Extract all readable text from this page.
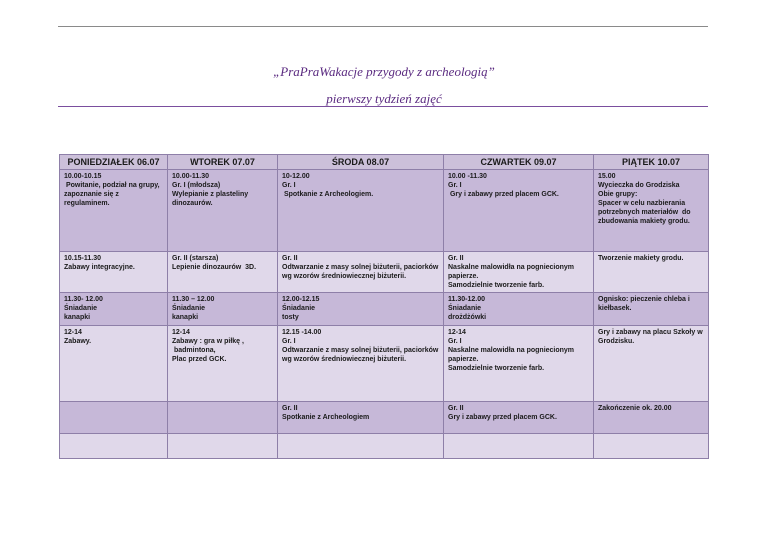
„PraPraWakacje przygody z archeologią”
pierwszy tydzień zajęć
PONIEDZIAŁEK 06.07	WTOREK 07.07	ŚRODA 08.07	CZWARTEK 09.07	PIĄTEK 10.07

10.00-10.15
Powitanie, podział na grupy, zapoznanie się z regulaminem.	10.00-11.30
Gr. I (młodsza)
Wylepianie z plasteliny dinozaurów.	10-12.00
Gr. I
Spotkanie z Archeologiem.	10.00 -11.30
Gr. I
Gry i zabawy przed placem GCK.	15.00
Wycieczka do Grodziska
Obie grupy:
Spacer w celu nazbierania potrzebnych materiałów  do zbudowania makiety grodu.

10.15-11.30
Zabawy integracyjne.	Gr. II (starsza)
Lepienie dinozaurów  3D.	Gr. II
Odtwarzanie z masy solnej biżuterii, paciorków wg wzorów średniowiecznej biżuterii.	Gr. II
Naskalne malowidła na pogniecionym papierze.
Samodzielnie tworzenie farb.	Tworzenie makiety grodu.

11.30- 12.00
Śniadanie
kanapki	11.30 – 12.00
Śniadanie
kanapki	12.00-12.15
Śniadanie
tosty	11.30-12.00
Śniadanie
drożdżówki	Ognisko: pieczenie chleba i kiełbasek.

12-14
Zabawy.	12-14
Zabawy : gra w piłkę ,
badmintona,
Plac przed GCK.	12.15 -14.00
Gr. I
Odtwarzanie z masy solnej biżuterii, paciorków wg wzorów średniowiecznej biżuterii.	12-14
Gr. I
Naskalne malowidła na pogniecionym papierze.
Samodzielnie tworzenie farb.	Gry i zabawy na placu Szkoły w Grodzisku.

		Gr. II
Spotkanie z Archeologiem	Gr. II
Gry i zabawy przed placem GCK.	Zakończenie ok. 20.00
